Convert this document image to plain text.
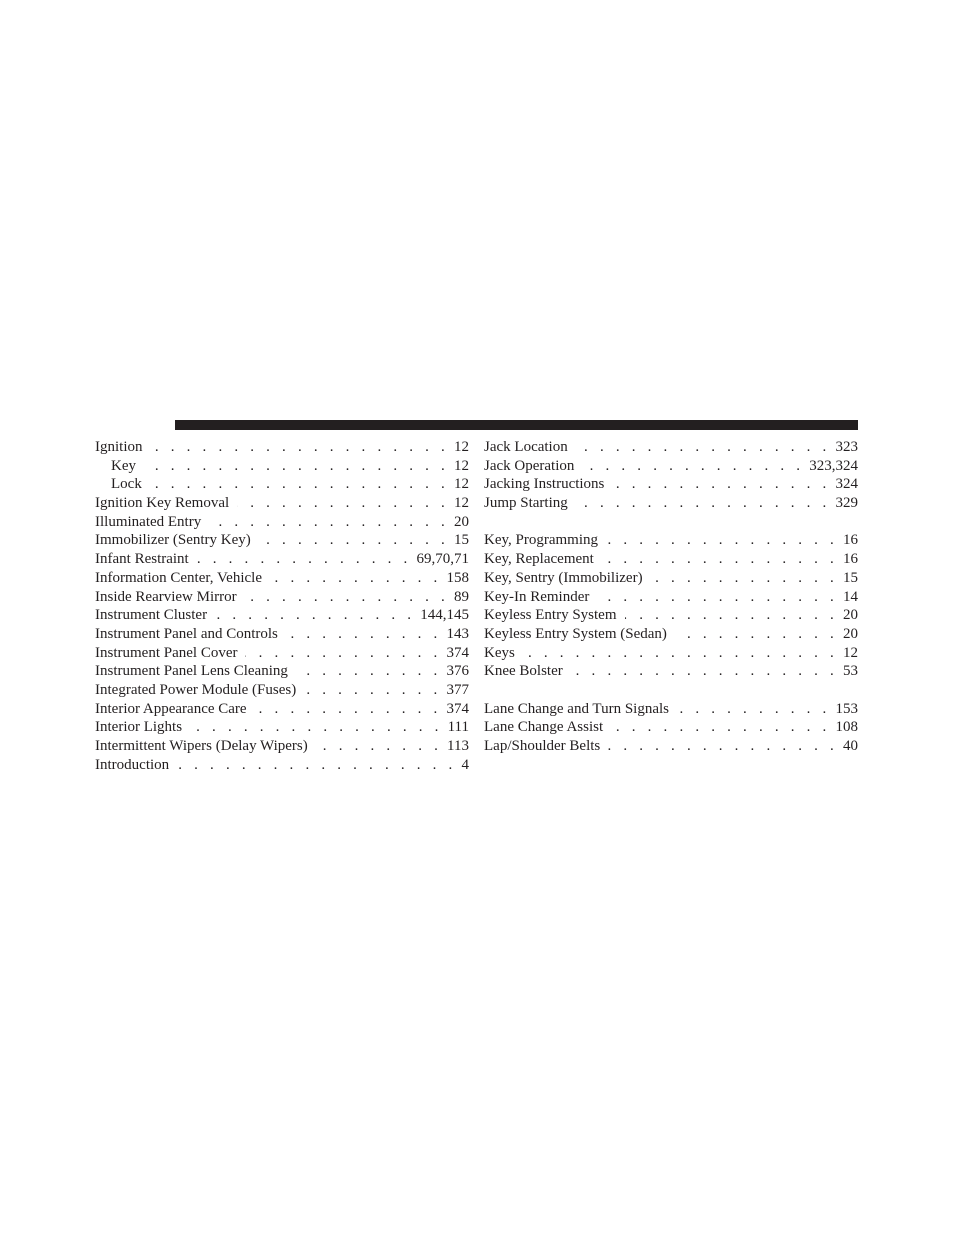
Ignition . . .	12
Key . . .	12
Lock . . .	12
Ignition Key Removal . . .	12
Illuminated Entry . . .	20
Immobilizer (Sentry Key) . . .	15
Infant Restraint . . .	69,70,71
Information Center, Vehicle . . .	158
Inside Rearview Mirror . . .	89
Instrument Cluster . . .	144,145
Instrument Panel and Controls . . .	143
Instrument Panel Cover . . .	374
Instrument Panel Lens Cleaning . . .	376
Integrated Power Module (Fuses) . . .	377
Interior Appearance Care . . .	374
Interior Lights . . .	111
Intermittent Wipers (Delay Wipers) . . .	113
Introduction . . .	4
Jack Location . . .	323
Jack Operation . . .	323,324
Jacking Instructions . . .	324
Jump Starting . . .	329
Key, Programming . . .	16
Key, Replacement . . .	16
Key, Sentry (Immobilizer) . . .	15
Key-In Reminder . . .	14
Keyless Entry System . . .	20
Keyless Entry System (Sedan) . . .	20
Keys . . .	12
Knee Bolster . . .	53
Lane Change and Turn Signals . . .	153
Lane Change Assist . . .	108
Lap/Shoulder Belts . . .	40
